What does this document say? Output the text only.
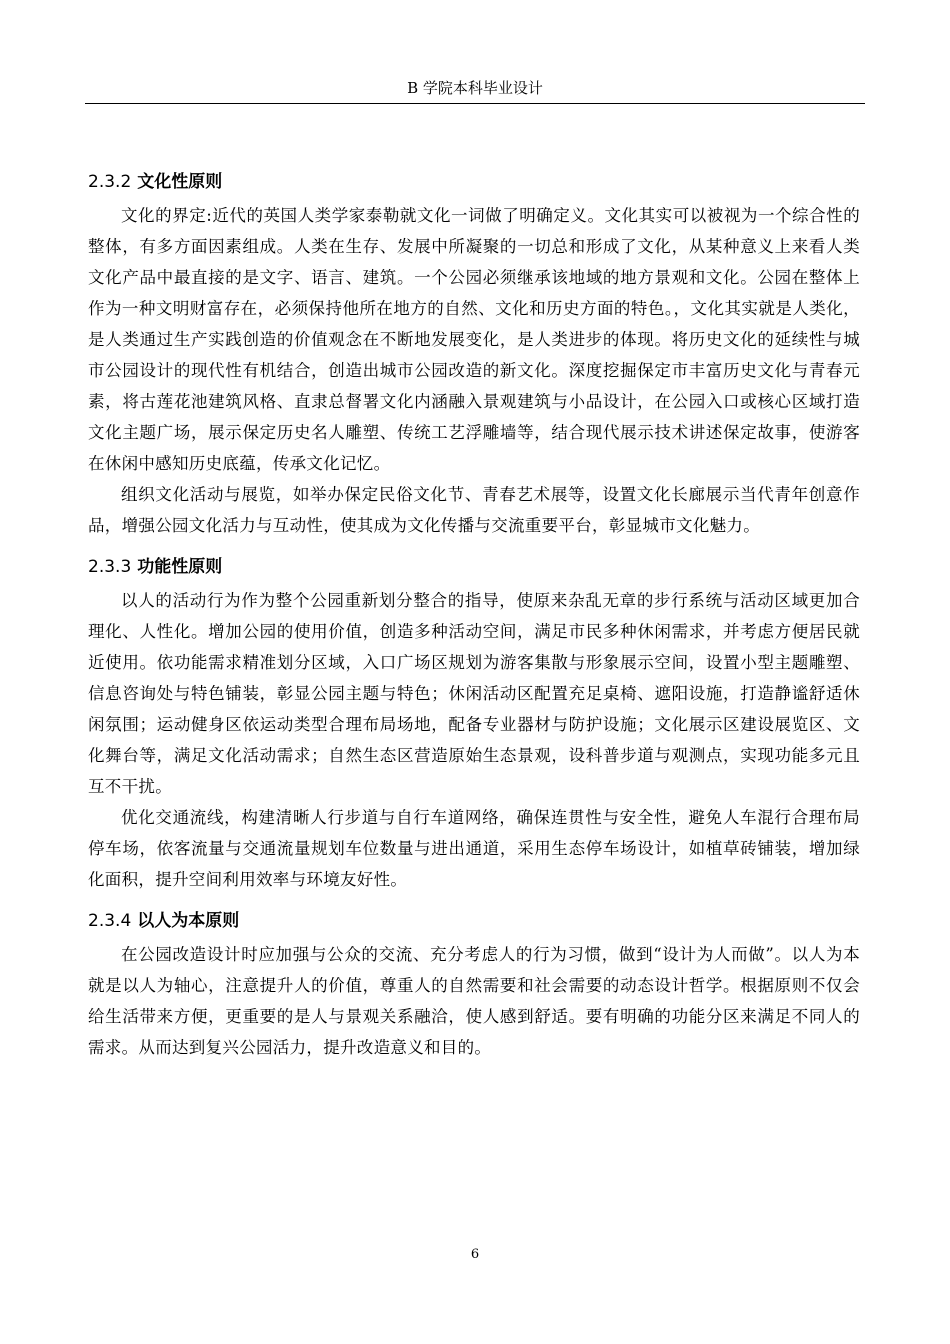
B 学院本科毕业设计
2.3.2 文化性原则

文化的界定:近代的英国人类学家泰勒就文化一词做了明确定义。文化其实可以被视为一个综合性的整体，有多方面因素组成。人类在生存、发展中所凝聚的一切总和形成了文化，从某种意义上来看人类文化产品中最直接的是文字、语言、建筑。一个公园必须继承该地域的地方景观和文化。公园在整体上作为一种文明财富存在，必须保持他所在地方的自然、文化和历史方面的特色。，文化其实就是人类化，是人类通过生产实践创造的价值观念在不断地发展变化，是人类进步的体现。将历史文化的延续性与城市公园设计的现代性有机结合，创造出城市公园改造的新文化。深度挖掘保定市丰富历史文化与青春元素，将古莲花池建筑风格、直隶总督署文化内涵融入景观建筑与小品设计，在公园入口或核心区域打造文化主题广场，展示保定历史名人雕塑、传统工艺浮雕墙等，结合现代展示技术讲述保定故事，使游客在休闲中感知历史底蕴，传承文化记忆。

组织文化活动与展览，如举办保定民俗文化节、青春艺术展等，设置文化长廊展示当代青年创意作品，增强公园文化活力与互动性，使其成为文化传播与交流重要平台，彰显城市文化魅力。

2.3.3 功能性原则

以人的活动行为作为整个公园重新划分整合的指导，使原来杂乱无章的步行系统与活动区域更加合理化、人性化。增加公园的使用价值，创造多种活动空间，满足市民多种休闲需求，并考虑方便居民就近使用。依功能需求精准划分区域，入口广场区规划为游客集散与形象展示空间，设置小型主题雕塑、信息咨询处与特色铺装，彰显公园主题与特色；休闲活动区配置充足桌椅、遮阳设施，打造静谧舒适休闲氛围；运动健身区依运动类型合理布局场地，配备专业器材与防护设施；文化展示区建设展览区、文化舞台等，满足文化活动需求；自然生态区营造原始生态景观，设科普步道与观测点，实现功能多元且互不干扰。

优化交通流线，构建清晰人行步道与自行车道网络，确保连贯性与安全性，避免人车混行合理布局停车场，依客流量与交通流量规划车位数量与进出通道，采用生态停车场设计，如植草砖铺装，增加绿化面积，提升空间利用效率与环境友好性。

2.3.4 以人为本原则

在公园改造设计时应加强与公众的交流、充分考虑人的行为习惯，做到“设计为人而做”。以人为本就是以人为轴心，注意提升人的价值，尊重人的自然需要和社会需要的动态设计哲学。根据原则不仅会给生活带来方便，更重要的是人与景观关系融洽，使人感到舒适。要有明确的功能分区来满足不同人的需求。从而达到复兴公园活力，提升改造意义和目的。

6
